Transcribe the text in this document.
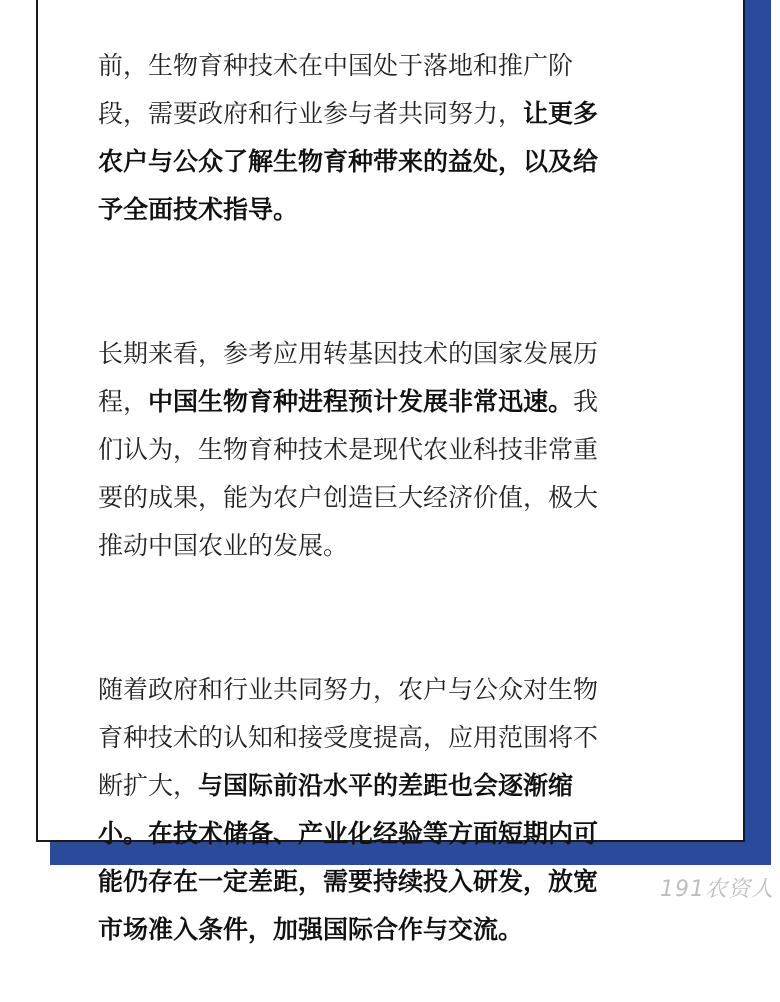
前，生物育种技术在中国处于落地和推广阶
段，需要政府和行业参与者共同努力，让更多
农户与公众了解生物育种带来的益处，以及给
予全面技术指导。

长期来看，参考应用转基因技术的国家发展历
程，中国生物育种进程预计发展非常迅速。我
们认为，生物育种技术是现代农业科技非常重
要的成果，能为农户创造巨大经济价值，极大
推动中国农业的发展。

随着政府和行业共同努力，农户与公众对生物
育种技术的认知和接受度提高，应用范围将不
断扩大，与国际前沿水平的差距也会逐渐缩
小。在技术储备、产业化经验等方面短期内可
能仍存在一定差距，需要持续投入研发，放宽
市场准入条件，加强国际合作与交流。

191农资人
